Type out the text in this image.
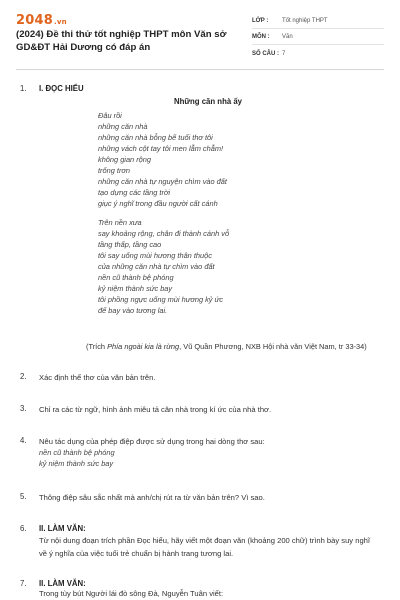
2048.vn
(2024) Đề thi thử tốt nghiệp THPT môn Văn sở GD&ĐT Hải Dương có đáp án
LỚP :	Tốt nghiệp THPT
MÔN :	Văn
SỐ CÂU : 7
1. I. ĐỌC HIỂU
Những căn nhà ấy
Đâu rồi
những căn nhà
những căn nhà bỗng bế tuổi thơ tôi
những vách cột tay tôi men lẫm chẫm!
không gian rộng
trống trơn
những căn nhà tự nguyện chìm vào đất
tạo dựng các tầng trời
giục ý nghĩ trong đầu người cất cánh
Trên nền xưa
say khoảng rộng, chân đi thành cánh vỗ
tầng thấp, tầng cao
tôi say uống mùi hương thân thuộc
của những căn nhà tự chìm vào đất
nền cũ thành bệ phóng
kỷ niệm thành sức bay
tôi phồng ngực uống mùi hương kỷ ức
để bay vào tương lai.
(Trích Phía ngoài kia là rừng, Vũ Quần Phương, NXB Hội nhà văn Việt Nam, tr 33-34)
2. Xác định thể thơ của văn bản trên.
3. Chỉ ra các từ ngữ, hình ảnh miêu tả căn nhà trong kí ức của nhà thơ.
4. Nêu tác dụng của phép điệp được sử dụng trong hai dòng thơ sau:
nền cũ thành bệ phóng
kỷ niệm thành sức bay
5. Thông điệp sâu sắc nhất mà anh/chị rút ra từ văn bản trên? Vì sao.
6. II. LÀM VĂN:
Từ nội dung đoạn trích phần Đọc hiểu, hãy viết một đoạn văn (khoảng 200 chữ) trình bày suy nghĩ về ý nghĩa của việc tuổi trẻ chuẩn bị hành trang tương lai.
7. II. LÀM VĂN:
Trong tùy bút Người lái đò sông Đà, Nguyễn Tuân viết:
